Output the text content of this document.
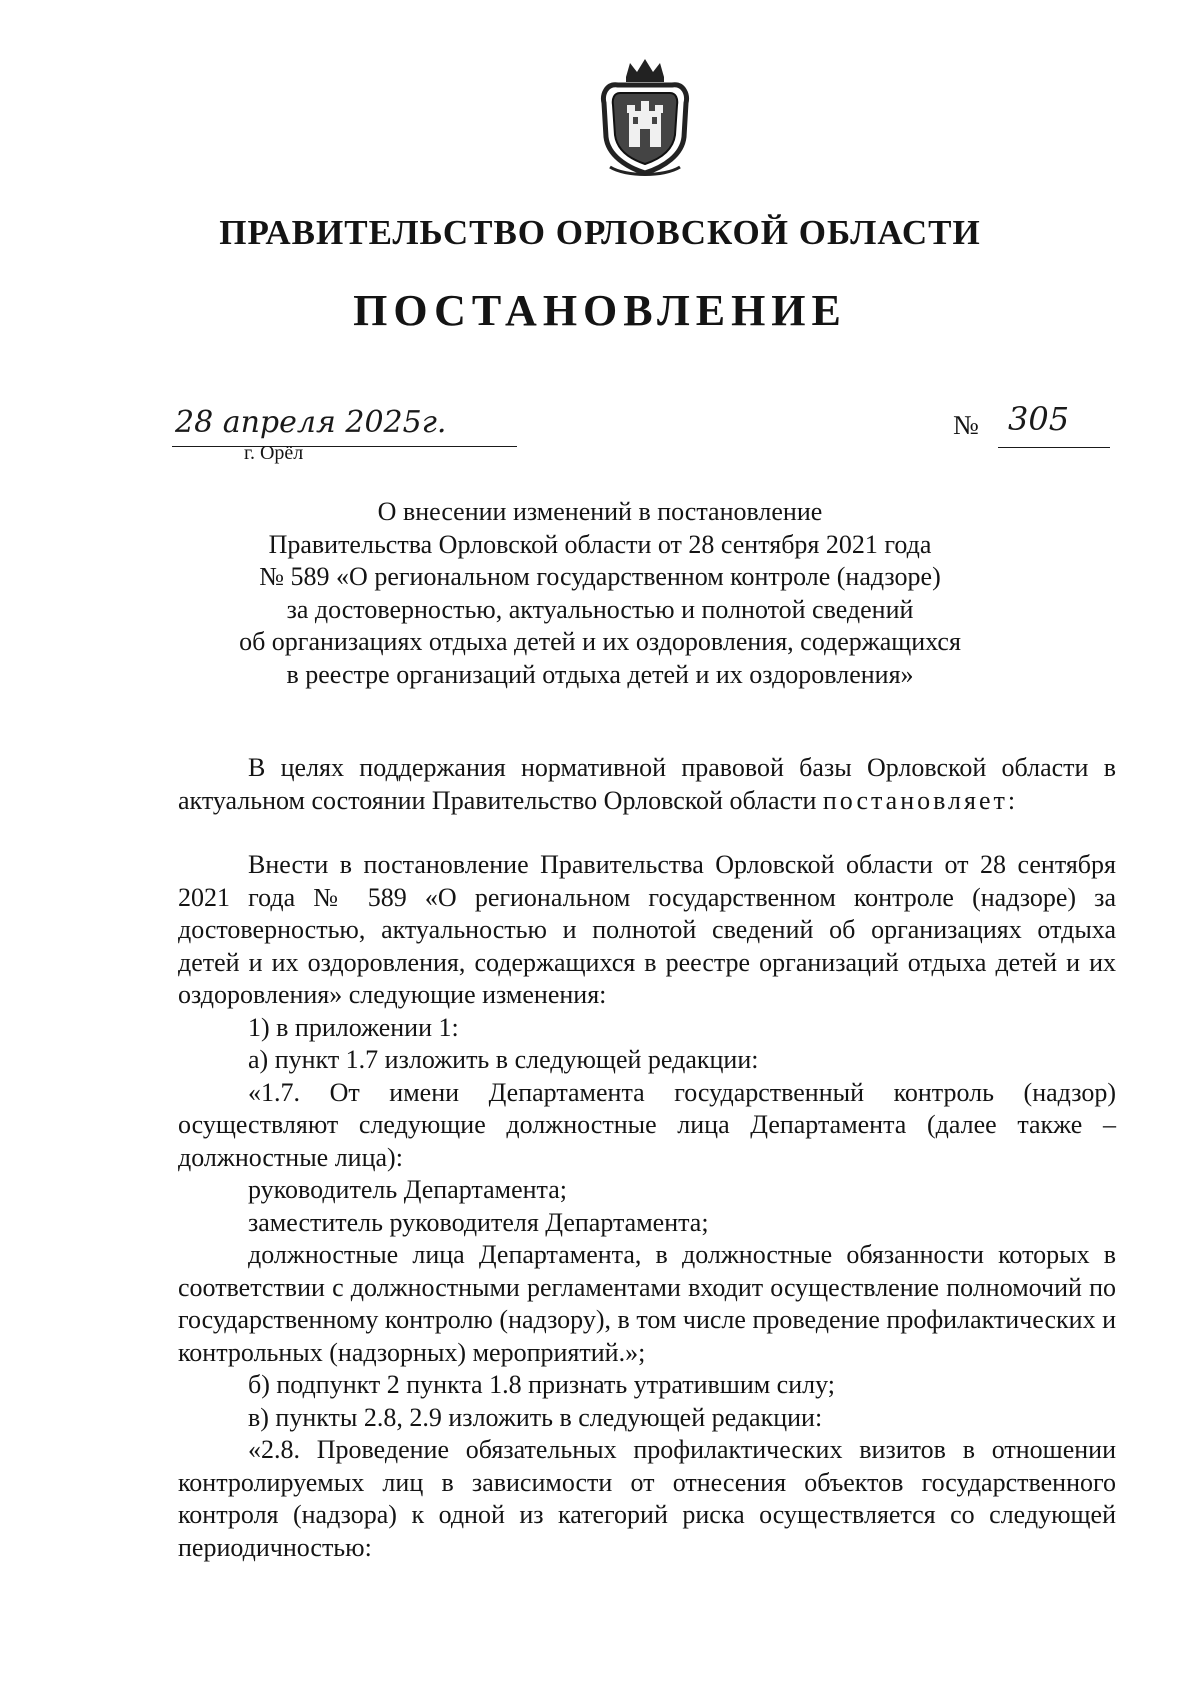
ПРАВИТЕЛЬСТВО ОРЛОВСКОЙ ОБЛАСТИ
ПОСТАНОВЛЕНИЕ
28 апреля 2025г.
г. Орёл
№ 305
О внесении изменений в постановление
Правительства Орловской области от 28 сентября 2021 года
№ 589 «О региональном государственном контроле (надзоре)
за достоверностью, актуальностью и полнотой сведений
об организациях отдыха детей и их оздоровления, содержащихся
в реестре организаций отдыха детей и их оздоровления»

В целях поддержания нормативной правовой базы Орловской области в актуальном состоянии Правительство Орловской области постановляет:

Внести в постановление Правительства Орловской области от 28 сентября 2021 года № 589 «О региональном государственном контроле (надзоре) за достоверностью, актуальностью и полнотой сведений об организациях отдыха детей и их оздоровления, содержащихся в реестре организаций отдыха детей и их оздоровления» следующие изменения:

1) в приложении 1:

а) пункт 1.7 изложить в следующей редакции:

«1.7. От имени Департамента государственный контроль (надзор) осуществляют следующие должностные лица Департамента (далее также – должностные лица):

руководитель Департамента;

заместитель руководителя Департамента;

должностные лица Департамента, в должностные обязанности которых в соответствии с должностными регламентами входит осуществление полномочий по государственному контролю (надзору), в том числе проведение профилактических и контрольных (надзорных) мероприятий.»;

б) подпункт 2 пункта 1.8 признать утратившим силу;

в) пункты 2.8, 2.9 изложить в следующей редакции:

«2.8. Проведение обязательных профилактических визитов в отношении контролируемых лиц в зависимости от отнесения объектов государственного контроля (надзора) к одной из категорий риска осуществляется со следующей периодичностью:
